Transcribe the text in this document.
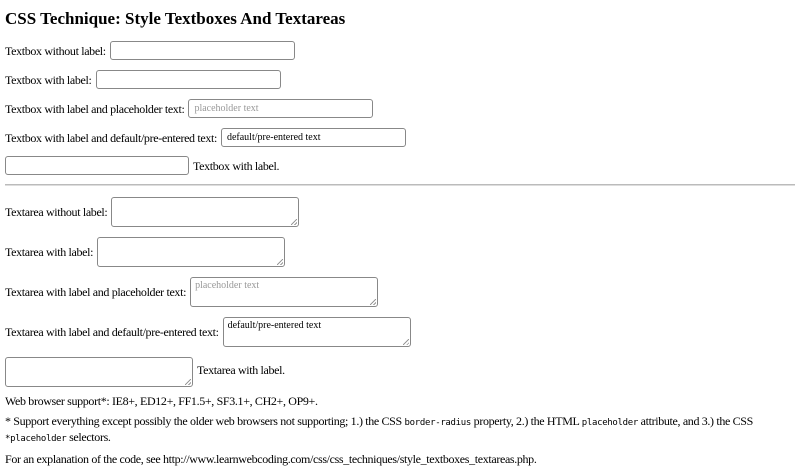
CSS Technique: Style Textboxes And Textareas
Textbox without label:
Textbox with label:
Textbox with label and placeholder text:	placeholder text
Textbox with label and default/pre-entered text:	default/pre-entered text
Textbox with label.
Textarea without label:
Textarea with label:
Textarea with label and placeholder text: placeholder text
Textarea with label and default/pre-entered text: default/pre-entered text
Textarea with label.

Web browser support*: IE8+, ED12+, FF1.5+, SF3.1+, CH2+, OP9+.

* Support everything except possibly the older web browsers not supporting; 1.) the CSS border-radius property, 2.) the HTML placeholder attribute, and 3.) the CSS *placeholder selectors.

For an explanation of the code, see http://www.learnwebcoding.com/css/css_techniques/style_textboxes_textareas.php.
